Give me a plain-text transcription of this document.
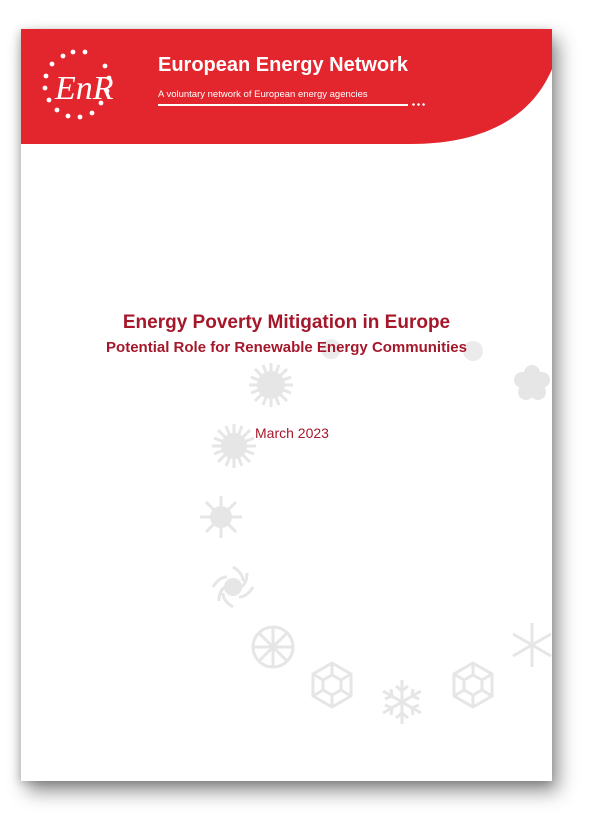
EnR

European Energy Network

A voluntary network of European energy agencies

Energy Poverty Mitigation in Europe
Potential Role for Renewable Energy Communities

March 2023
